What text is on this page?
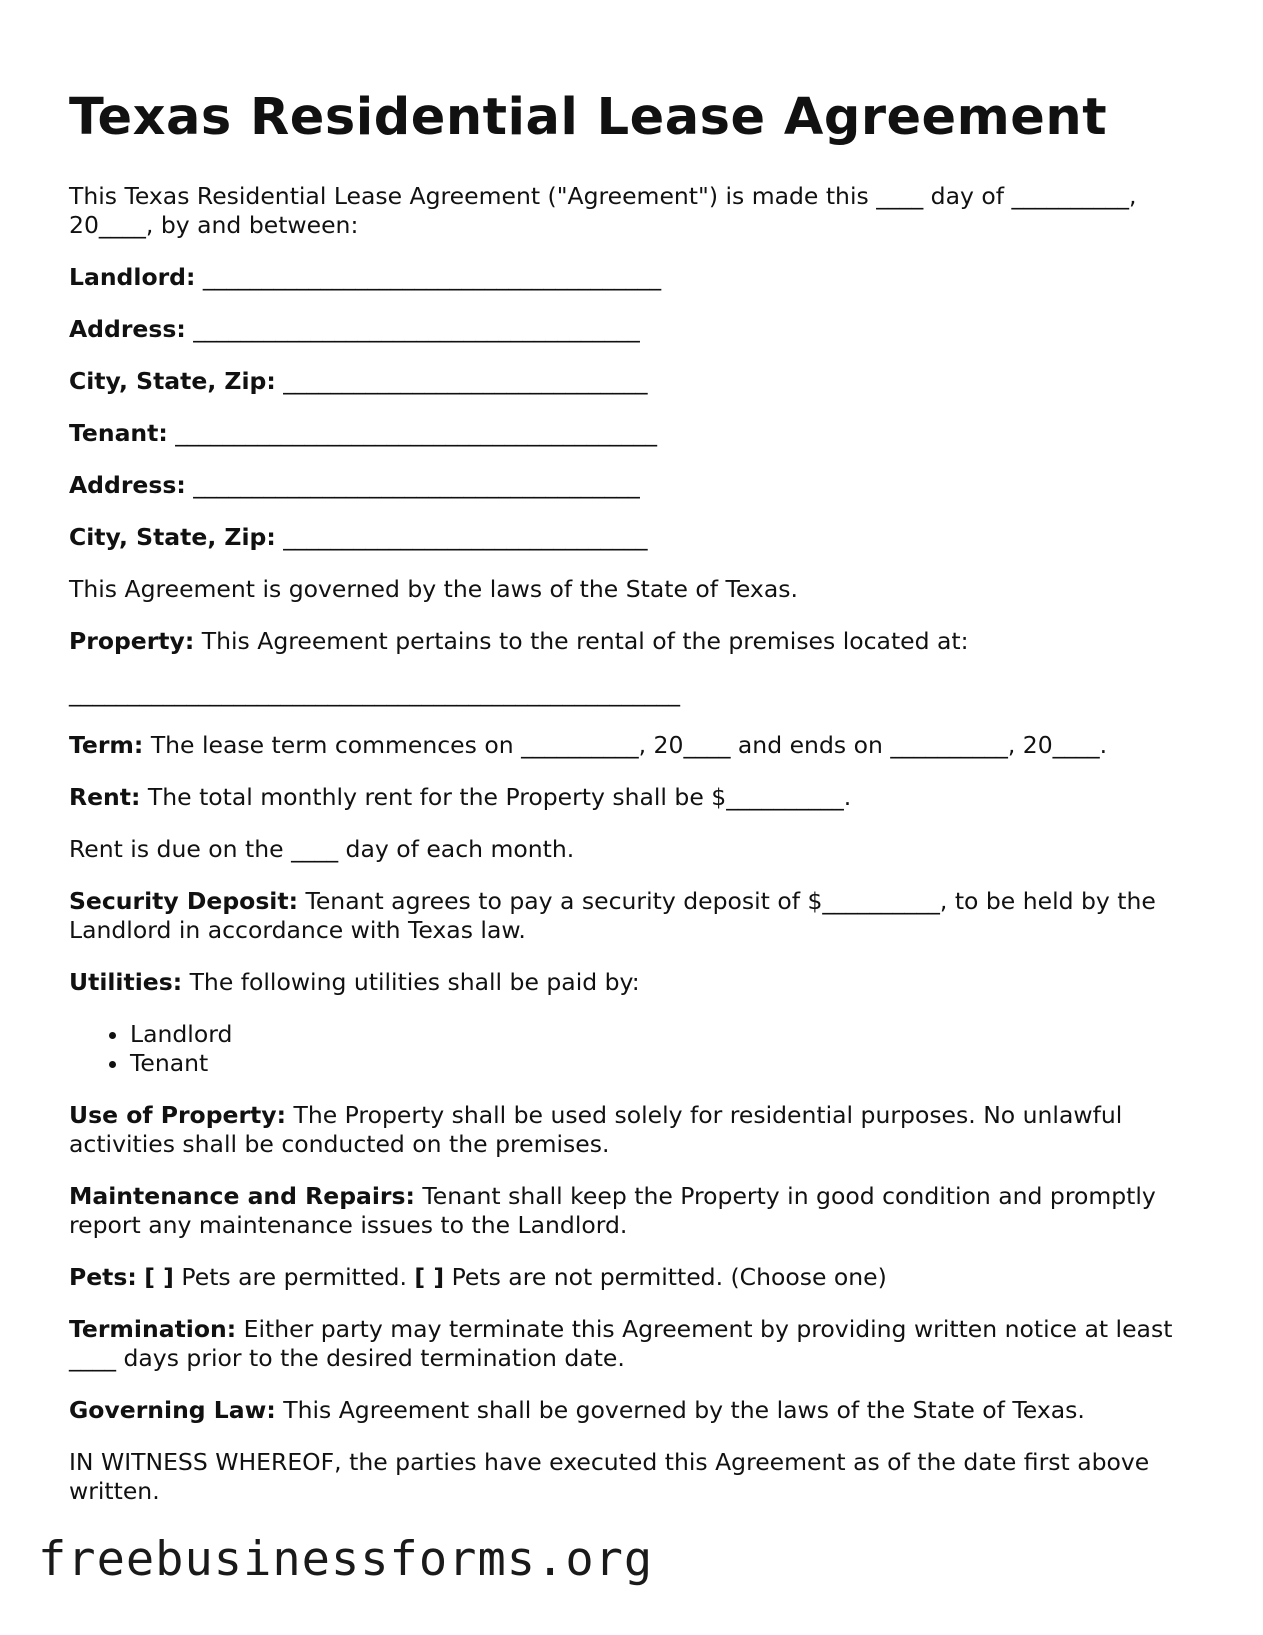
Texas Residential Lease Agreement

This Texas Residential Lease Agreement ("Agreement") is made this ____ day of __________, 20____, by and between:

Landlord: _______________________________________

Address: ______________________________________

City, State, Zip: _______________________________

Tenant: _________________________________________

Address: ______________________________________

City, State, Zip: _______________________________

This Agreement is governed by the laws of the State of Texas.

Property: This Agreement pertains to the rental of the premises located at:

____________________________________________________

Term: The lease term commences on __________, 20____ and ends on __________, 20____.

Rent: The total monthly rent for the Property shall be $__________.

Rent is due on the ____ day of each month.

Security Deposit: Tenant agrees to pay a security deposit of $__________, to be held by the Landlord in accordance with Texas law.

Utilities: The following utilities shall be paid by:

• Landlord
• Tenant

Use of Property: The Property shall be used solely for residential purposes. No unlawful activities shall be conducted on the premises.

Maintenance and Repairs: Tenant shall keep the Property in good condition and promptly report any maintenance issues to the Landlord.

Pets: [ ] Pets are permitted. [ ] Pets are not permitted. (Choose one)

Termination: Either party may terminate this Agreement by providing written notice at least ____ days prior to the desired termination date.

Governing Law: This Agreement shall be governed by the laws of the State of Texas.

IN WITNESS WHEREOF, the parties have executed this Agreement as of the date first above written.

freebusinessforms.org
